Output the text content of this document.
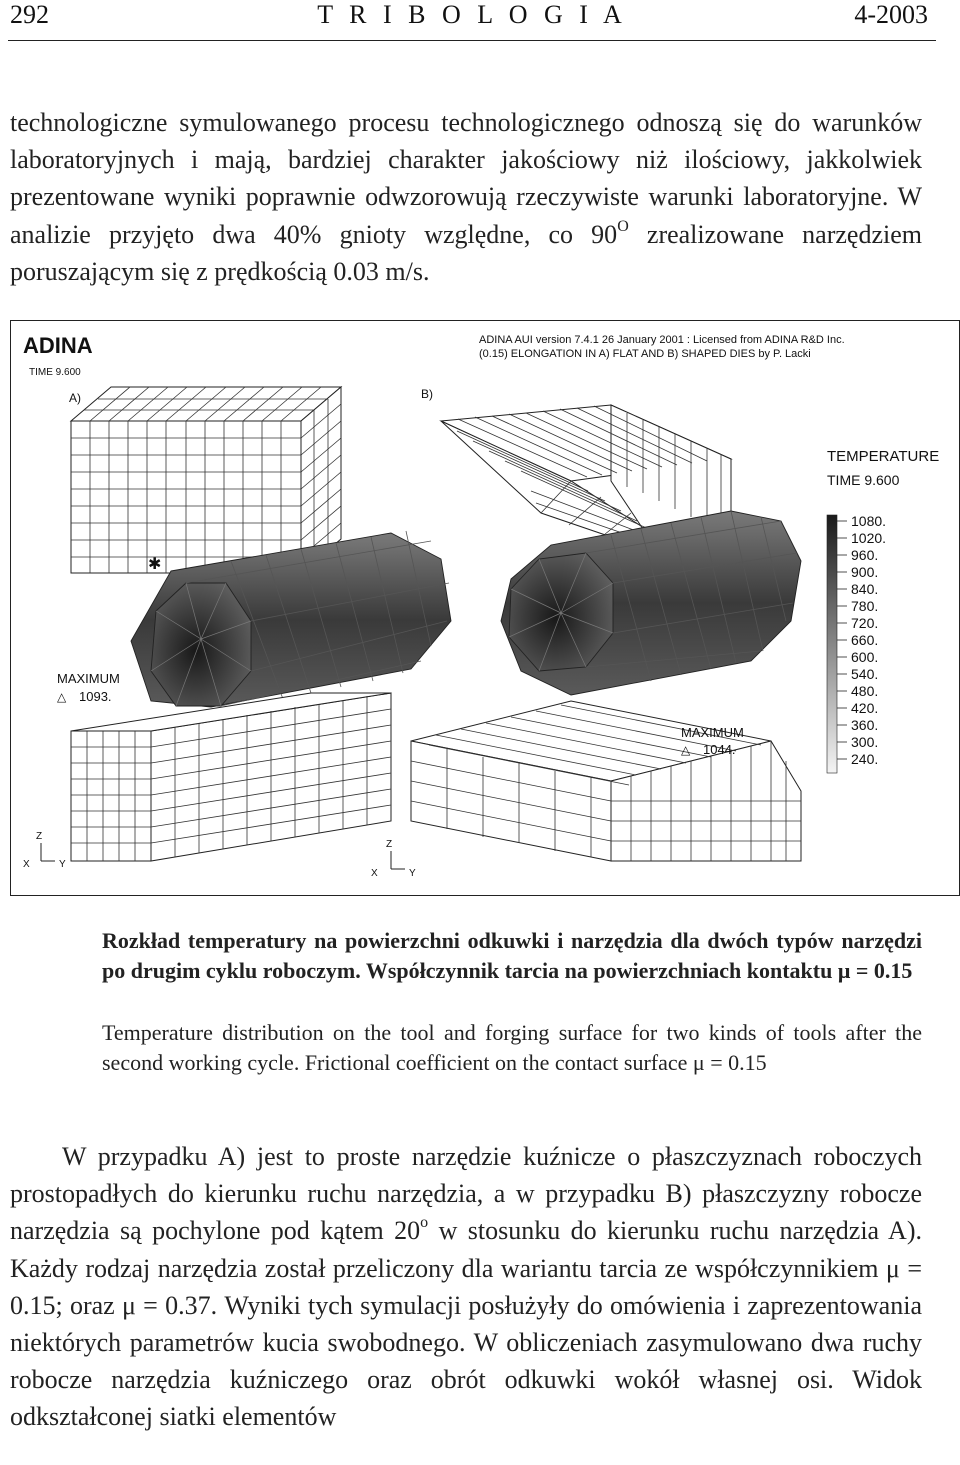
292	T R I B O L O G I A	4-2003
technologiczne symulowanego procesu technologicznego odnoszą się do warunków laboratoryjnych i mają, bardziej charakter jakościowy niż ilościowy, jakkolwiek prezentowane wyniki poprawnie odwzorowują rzeczywiste warunki laboratoryjne. W analizie przyjęto dwa 40% gnioty względne, co $90^O$ zrealizowane narzędziem poruszającym się z prędkością 0.03 m/s.
ADINA
TIME 9.600
ADINA AUI version 7.4.1 26 January 2001 : Licensed from ADINA R&D Inc.
(0.15) ELONGATION IN A) FLAT AND B) SHAPED DIES by P. Lacki
A)	B)
✱
MAXIMUM
△ 1093.
Z
X	Y
MAXIMUM
△ 1044.
Z
X	Y
TEMPERATURE
TIME 9.600
1080.
1020.
960.
900.
840.
780.
720.
660.
600.
540.
480.
420.
360.
300.
240.
Rozkład temperatury na powierzchni odkuwki i narzędzia dla dwóch typów narzędzi po drugim cyklu roboczym. Współczynnik tarcia na powierzchniach kontaktu μ = 0.15
Temperature distribution on the tool and forging surface for two kinds of tools after the second working cycle. Frictional coefficient on the contact surface μ = 0.15
W przypadku A) jest to proste narzędzie kuźnicze o płaszczyznach roboczych prostopadłych do kierunku ruchu narzędzia, a w przypadku B) płaszczyzny robocze narzędzia są pochylone pod kątem 20$^o$ w stosunku do kierunku ruchu narzędzia A). Każdy rodzaj narzędzia został przeliczony dla wariantu tarcia ze współczynnikiem μ = 0.15; oraz μ = 0.37. Wyniki tych symulacji posłużyły do omówienia i zaprezentowania niektórych parametrów kucia swobodnego. W obliczeniach zasymulowano dwa ruchy robocze narzędzia kuźniczego oraz obrót odkuwki wokół własnej osi. Widok odkształconej siatki elementów
